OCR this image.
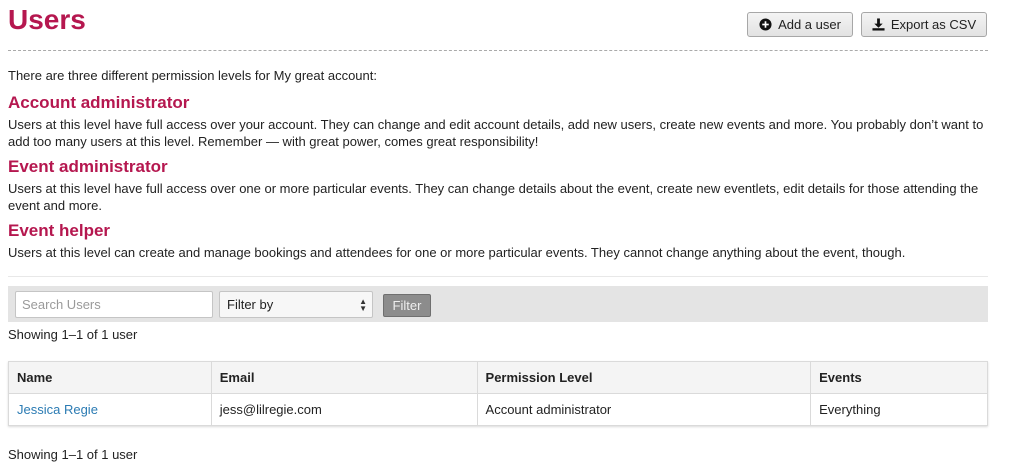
Users	Add a user	Export as CSV
There are three different permission levels for My great account:
Account administrator

Users at this level have full access over your account. They can change and edit account details, add new users, create new events and more. You probably don’t want to add too many users at this level. Remember — with great power, comes great responsibility!

Event administrator

Users at this level have full access over one or more particular events. They can change details about the event, create new eventlets, edit details for those attending the event and more.

Event helper

Users at this level can create and manage bookings and attendees for one or more particular events. They cannot change anything about the event, though.

Search Users
Filter by	▲
▼	Filter
Showing 1–1 of 1 user
Name	Email	Permission Level	Events
Jessica Regie	jess@lilregie.com	Account administrator	Everything
Showing 1–1 of 1 user
